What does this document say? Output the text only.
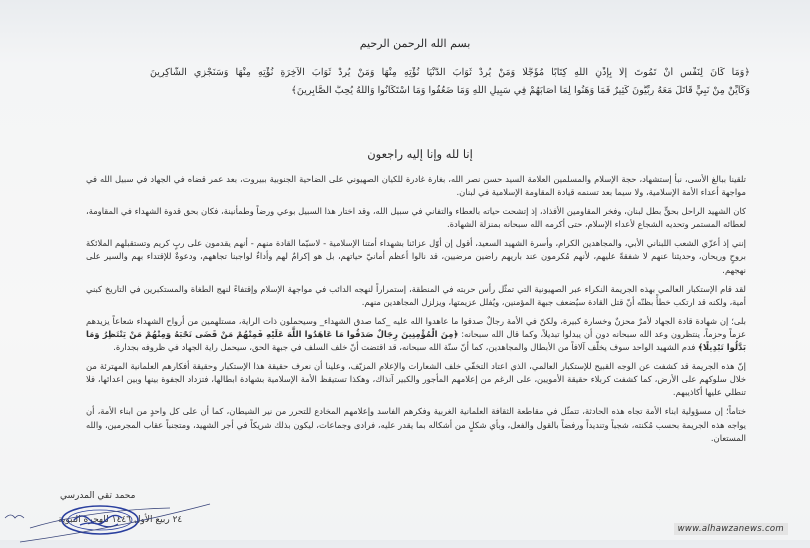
بسم الله الرحمن الرحيم
﴿وَمَا كَانَ لِنَفْسٍ أَنْ تَمُوتَ إِلَّا بِإِذْنِ اللَّهِ كِتَابًا مُؤَجَّلًا وَمَنْ يُرِدْ ثَوَابَ الدُّنْيَا نُؤْتِهِ مِنْهَا وَمَنْ يُرِدْ ثَوَابَ الْآخِرَةِ نُؤْتِهِ مِنْهَا وَسَنَجْزِي الشَّاكِرِينَ
وَكَأَيِّنْ مِنْ نَبِيٍّ قَاتَلَ مَعَهُ رِبِّيُّونَ كَثِيرٌ فَمَا وَهَنُوا لِمَا أَصَابَهُمْ فِي سَبِيلِ اللَّهِ وَمَا ضَعُفُوا وَمَا اسْتَكَانُوا وَاللَّهُ يُحِبُّ الصَّابِرِينَ﴾
إنا لله وإنا إليه راجعون

تلقينا ببالغ الأسى، نبأ إستشهاد، حجة الإسلام والمسلمين العلامة السيد حسن نصر الله، بغارة غادرة للكيان الصهيوني على الضاحية الجنوبية ببيروت، بعد عمر قضاه في الجهاد في سبيل الله في مواجهة أعداء الأمة الإسلامية، ولا سيما بعد تسنمه قيادة المقاومة الإسلامية في لبنان.

كان الشهيد الراحل بحقٍّ بطل لبنان، وفخر المقاومين الأفذاذ، إذ إتشحت حياته بالعطاء والتفاني في سبيل الله، وقد اختار هذا السبيل بوعي ورضاً وطمأنينة، فكان بحق قدوة الشهداء في المقاومة، لعطائه المستمر وتحديه الشجاع لأعداء الإسلام، حتى أكرمه الله سبحانه بمنزلة الشهادة.

إنني إذ أعزّي الشعب اللبناني الأبي، والمجاهدين الكرام، وأسرة الشهيد السعيد، أقول إن أوّل عزائنا بشهداء أمتنا الإسلامية - لاسيّما القادة منهم - أنهم يقدمون على ربٍ كريم وتستقبلهم الملائكة بروحٍ وريحان، وحديثنا عنهم لا شفقةً عليهم، لأنهم مُكرمون عند باريهم راضين مرضيين، قد نالوا أعظم أمانيّ حياتهم، بل هو إكرامٌ لهم وأداءٌ لواجبنا تجاههم، ودعوةٌ للإقتداء بهم والسير على نهجهم.

لقد قام الإستكبار العالمي بهذه الجريمة النكراء عبر الصهيونية التي تمثّل رأس حربته في المنطقة، إستمراراً لنهجه الدائب في مواجهة الإسلام وإقتفاءً لنهج الطغاة والمستكبرين في التاريخ كبني أمية، ولكنه قد ارتكب خطأً بظنّه أنّ قتل القادة سيُضعف جبهة المؤمنين، ويُفلل عزيمتها، ويزلزل المجاهدين منهم.

بلى؛ إن شهادة قادة الجهاد لأمرٌ محزنٌ وخسارة كبيرة، ولكنّ في الأمة رجالٌ صدقوا ما عاهدوا الله عليه _كما صدق الشهداء_ وسيحملون ذات الراية، مستلهمين من أرواح الشهداء شعاعاً يزيدهم عزماً وحزماً، ينتظرون وعد الله سبحانه دون أن يبدلوا تبديلاً، وكما قال الله سبحانه: ﴿مِنَ الْمُؤْمِنِينَ رِجَالٌ صَدَقُوا مَا عَاهَدُوا اللَّهَ عَلَيْهِ فَمِنْهُمْ مَنْ قَضَى نَحْبَهُ وَمِنْهُمْ مَنْ يَنْتَظِرُ وَمَا بَدَّلُوا تَبْدِيلًا﴾ فدم الشهيد الواحد سوف يخلّف آلافاً من الأبطال والمجاهدين، كما أنّ سنّة الله سبحانه، قد اقتضت أنّ خلف السلف في جبهة الحق، سيحمل راية الجهاد في ظروفه بجدارة.

إنّ هذه الجريمة قد كشفت عن الوجه القبيح للإستكبار العالمي، الذي اعتاد التخفّي خلف الشعارات والإعلام المزيّف، وعلينا أن نعرف حقيقة هذا الإستكبار وحقيقة أفكارهم العلمانية المهترئة من خلال سلوكهم على الأرض، كما كشفت كربلاء حقيقة الأمويين، على الرغم من إعلامهم المأجور والكبير آنذاك، وهكذا تستيقظ الأمة الإسلامية بشهادة ابطالها، فتزداد الجفوة بينها وبين اعدائها، فلا تنطلي عليها أكاذيبهم.

ختاماً؛ إن مسؤولية ابناء الأمة تجاه هذه الحادثة، تتمثّل في مقاطعة الثقافة العلمانية الغربية وفكرهم الفاسد وإعلامهم المخادع للتحرر من نير الشيطان، كما أن على كل واحدٍ من ابناء الأمة، أن يواجه هذه الجريمة بحسب مُكنته، شجباً وتنديداً ورفضاً بالقول والفعل، وبأي شكلٍ من أشكاله بما يقدر عليه، فرادى وجماعات، ليكون بذلك شريكاً في أجر الشهيد، ومتجنباً عقاب المجرمين، والله المستعان.

محمد تقي المدرسي
٢٤ ربيع الأول ١٤٤٦ للهجرة النبوية
www.alhawzanews.com
